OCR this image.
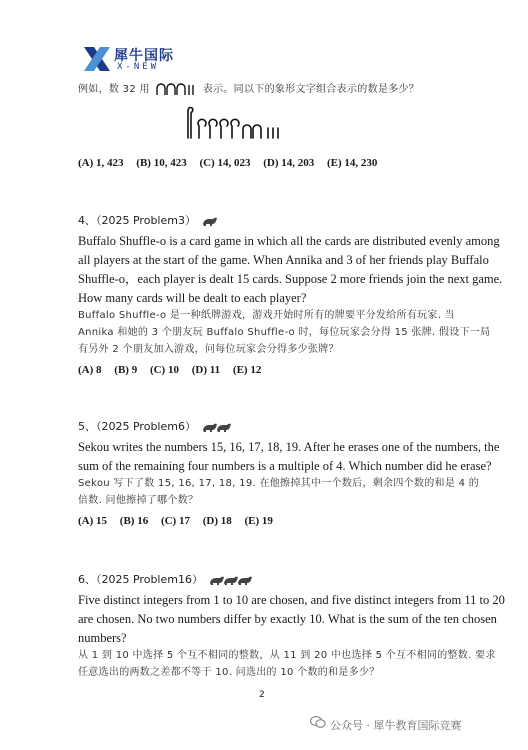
犀牛国际
X-NEW
例如，数 32 用	表示。同以下的象形文字组合表示的数是多少？
(A) 1, 423 (B) 10, 423 (C) 14, 023 (D) 14, 203 (E) 14, 230
4、（2025 Problem3）
Buffalo Shuffle-o is a card game in which all the cards are distributed evenly among
all players at the start of the game. When Annika and 3 of her friends play Buffalo
Shuffle-o，each player is dealt 15 cards. Suppose 2 more friends join the next game.
How many cards will be dealt to each player?
Buffalo Shuffle-o 是一种纸牌游戏，游戏开始时所有的牌要平分发给所有玩家. 当
Annika 和她的 3 个朋友玩 Buffalo Shuffle-o 时，每位玩家会分得 15 张牌. 假设下一局
有另外 2 个朋友加入游戏，问每位玩家会分得多少张牌？
(A) 8 (B) 9 (C) 10 (D) 11 (E) 12
5、（2025 Problem6）
Sekou writes the numbers 15, 16, 17, 18, 19. After he erases one of the numbers, the
sum of the remaining four numbers is a multiple of 4. Which number did he erase?
Sekou 写下了数 15, 16, 17, 18, 19. 在他擦掉其中一个数后，剩余四个数的和是 4 的
倍数. 问他擦掉了哪个数？
(A) 15 (B) 16 (C) 17 (D) 18 (E) 19
6、（2025 Problem16）
Five distinct integers from 1 to 10 are chosen, and five distinct integers from 11 to 20
are chosen. No two numbers differ by exactly 10. What is the sum of the ten chosen
numbers?
从 1 到 10 中选择 5 个互不相同的整数，从 11 到 20 中也选择 5 个互不相同的整数. 要求
任意选出的两数之差都不等于 10. 问选出的 10 个数的和是多少？
2
公众号 · 犀牛教育国际竞赛
